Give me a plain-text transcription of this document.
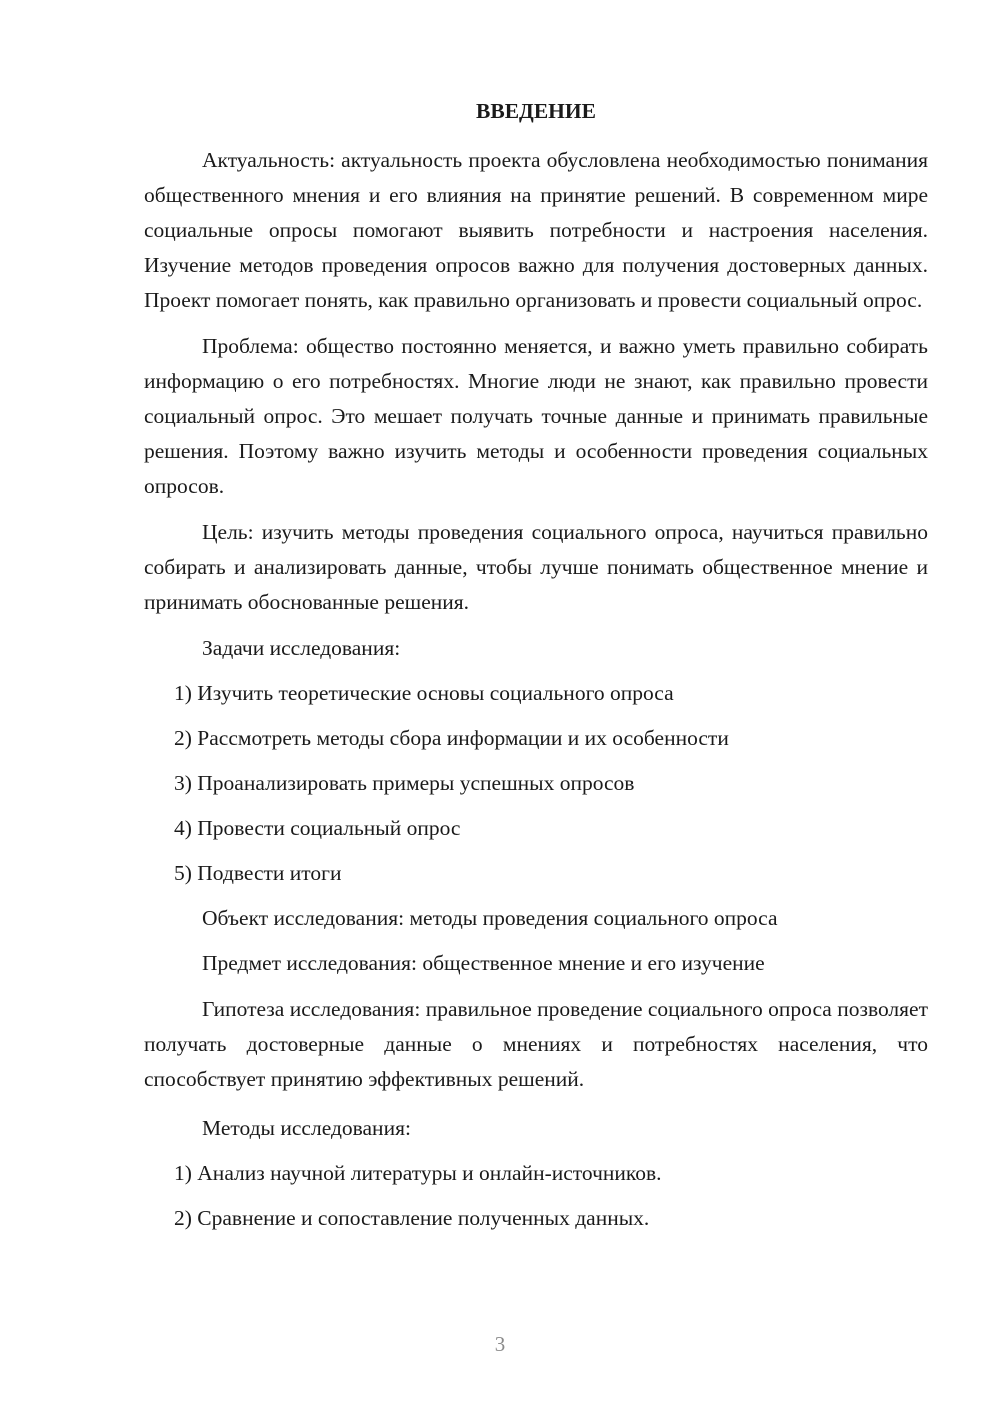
ВВЕДЕНИЕ
Актуальность: актуальность проекта обусловлена необходимостью понимания общественного мнения и его влияния на принятие решений. В современном мире социальные опросы помогают выявить потребности и настроения населения. Изучение методов проведения опросов важно для получения достоверных данных. Проект помогает понять, как правильно организовать и провести социальный опрос.
Проблема: общество постоянно меняется, и важно уметь правильно собирать информацию о его потребностях. Многие люди не знают, как правильно провести социальный опрос. Это мешает получать точные данные и принимать правильные решения. Поэтому важно изучить методы и особенности проведения социальных опросов.
Цель: изучить методы проведения социального опроса, научиться правильно собирать и анализировать данные, чтобы лучше понимать общественное мнение и принимать обоснованные решения.
Задачи исследования:
1) Изучить теоретические основы социального опроса
2) Рассмотреть методы сбора информации и их особенности
3) Проанализировать примеры успешных опросов
4) Провести социальный опрос
5) Подвести итоги
Объект исследования: методы проведения социального опроса
Предмет исследования: общественное мнение и его изучение
Гипотеза исследования: правильное проведение социального опроса позволяет получать достоверные данные о мнениях и потребностях населения, что способствует принятию эффективных решений.
Методы исследования:
1) Анализ научной литературы и онлайн-источников.
2) Сравнение и сопоставление полученных данных.
3
